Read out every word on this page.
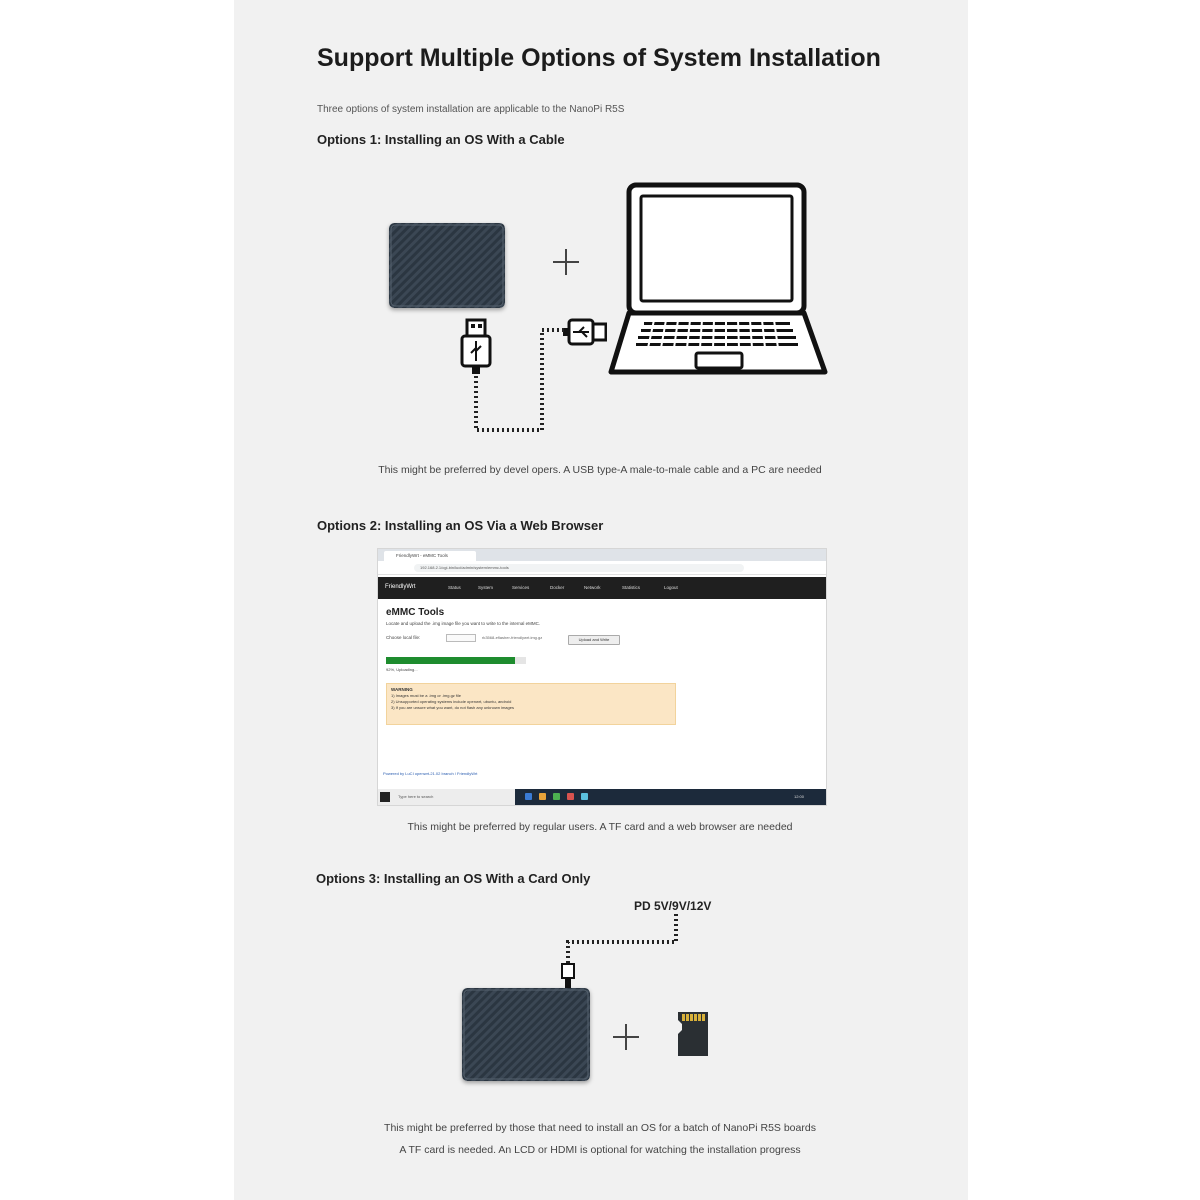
Support Multiple Options of System Installation
Three options of system installation are applicable to the NanoPi R5S
Options 1: Installing an OS With a Cable
This might be preferred by devel opers. A USB type-A male-to-male cable and a PC are needed
Options 2: Installing an OS Via a Web Browser
FriendlyWrt - eMMC Tools
192.168.2.1/cgi-bin/luci/admin/system/emmc-tools
FriendlyWrt	Status	System	Services	Docker	Network	Statistics	Logout
eMMC Tools
Locate and upload the .img image file you want to write to the internal eMMC.
Choose local file:	rk3568-eflasher-friendlywrt.img.gz	Upload and Write
92%, Uploading...
WARNING
1) Images must be a .img or .img.gz file
2) Unsupported operating systems include openwrt, ubuntu, android
3) If you are unsure what you want, do not flash any unknown images
Powered by LuCI openwrt-21.02 branch / FriendlyWrt
Type here to search	12:00
This might be preferred by regular users. A TF card and a web browser are needed
Options 3: Installing an OS With a Card Only
PD 5V/9V/12V
This might be preferred by those that need to install an OS for a batch of NanoPi R5S boards
A TF card is needed. An LCD or HDMI is optional for watching the installation progress
